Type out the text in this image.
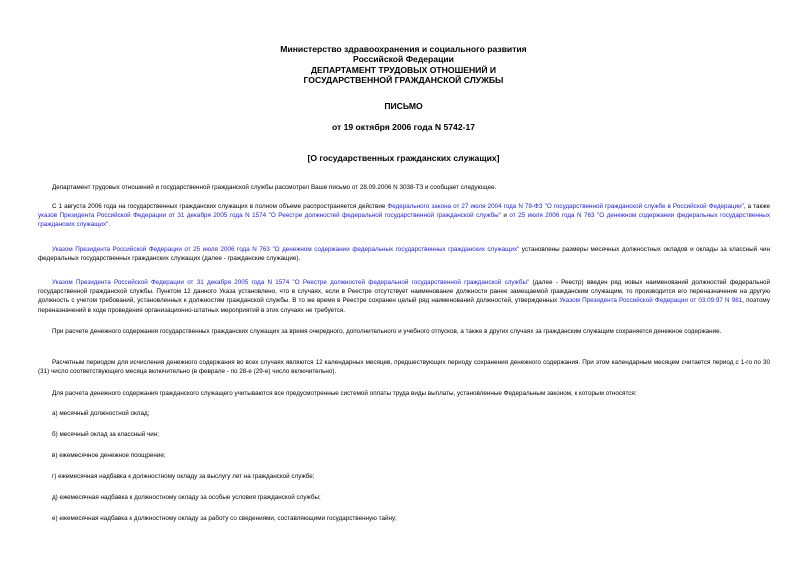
Министерство здравоохранения и социального развития
Российской Федерации
ДЕПАРТАМЕНТ ТРУДОВЫХ ОТНОШЕНИЙ И
ГОСУДАРСТВЕННОЙ ГРАЖДАНСКОЙ СЛУЖБЫ
ПИСЬМО
от 19 октября 2006 года N 5742-17
[О государственных гражданских служащих]
Департамент трудовых отношений и государственной гражданской службы рассмотрел Ваше письмо от 28.09.2006 N 3038-ТЗ и сообщает следующее.
С 1 августа 2006 года на государственных гражданских служащих в полном объеме распространяется действие Федерального закона от 27 июля 2004 года N 79-ФЗ "О государственной гражданской службе в Российской Федерации", а также указов Президента Российской Федерации от 31 декабря 2005 года N 1574 "О Реестре должностей федеральной государственной гражданской службы" и от 25 июля 2006 года N 763 "О денежном содержании федеральных государственных гражданских служащих".
Указом Президента Российской Федерации от 25 июля 2006 года N 763 "О денежном содержании федеральных государственных гражданских служащих" установлены размеры месячных должностных окладов и оклады за классный чин федеральных государственных гражданских служащих (далее - гражданские служащие).
Указом Президента Российской Федерации от 31 декабря 2005 года N 1574 "О Реестре должностей федеральной государственной гражданской службы" (далее - Реестр) введен ряд новых наименований должностей федеральной государственной гражданской службы. Пунктом 12 данного Указа установлено, что в случаях, если в Реестре отсутствует наименование должности ранее замещаемой гражданским служащим, то производится его переназначение на другую должность с учетом требований, установленных к должностям гражданской службы. В то же время в Реестре сохранен целый ряд наименований должностей, утвержденных Указом Президента Российской Федерации от 03.09.97 N 981, поэтому переназначений в ходе проведения организационно-штатных мероприятий в этих случаях не требуется.
При расчете денежного содержания государственных гражданских служащих за время очередного, дополнительного и учебного отпусков, а также в других случаях за гражданским служащим сохраняется денежное содержание.
Расчетным периодом для исчисления денежного содержания во всех случаях являются 12 календарных месяцев, предшествующих периоду сохранения денежного содержания. При этом календарным месяцем считается период с 1-го по 30 (31) число соответствующего месяца включительно (в феврале - по 28-е (29-е) число включительно).
Для расчета денежного содержания гражданского служащего учитываются все предусмотренные системой оплаты труда виды выплаты, установленные Федеральным законом, к которым относятся:
а) месячный должностной оклад;
б) месячный оклад за классный чин;
в) ежемесячное денежное поощрение;
г) ежемесячная надбавка к должностному окладу за выслугу лет на гражданской службе;
д) ежемесячная надбавка к должностному окладу за особые условия гражданской службы;
е) ежемесячная надбавка к должностному окладу за работу со сведениями, составляющими государственную тайну;
